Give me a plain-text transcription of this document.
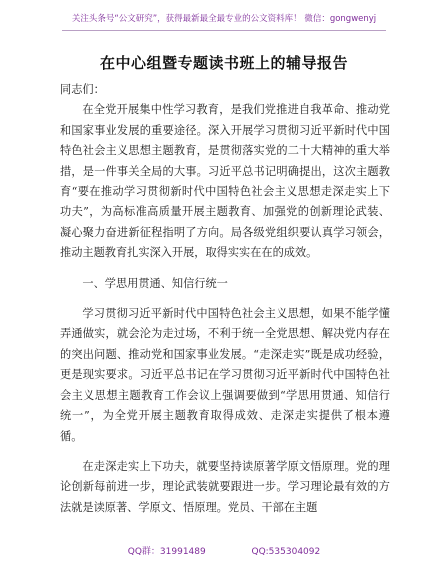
关注头条号“公文研究”，获得最新最全最专业的公文资料库！ 微信：gongwenyj
在中心组暨专题读书班上的辅导报告

同志们：

在全党开展集中性学习教育，是我们党推进自我革命、推动党和国家事业发展的重要途径。深入开展学习贯彻习近平新时代中国特色社会主义思想主题教育，是贯彻落实党的二十大精神的重大举措，是一件事关全局的大事。习近平总书记明确提出，这次主题教育“要在推动学习贯彻新时代中国特色社会主义思想走深走实上下功夫”，为高标准高质量开展主题教育、加强党的创新理论武装、凝心聚力奋进新征程指明了方向。局各级党组织要认真学习领会，推动主题教育扎实深入开展，取得实实在在的成效。

一、学思用贯通、知信行统一

学习贯彻习近平新时代中国特色社会主义思想，如果不能学懂弄通做实，就会沦为走过场，不利于统一全党思想、解决党内存在的突出问题、推动党和国家事业发展。“走深走实”既是成功经验，更是现实要求。习近平总书记在学习贯彻习近平新时代中国特色社会主义思想主题教育工作会议上强调要做到“学思用贯通、知信行统一”，为全党开展主题教育取得成效、走深走实提供了根本遵循。

在走深走实上下功夫，就要坚持读原著学原文悟原理。党的理论创新每前进一步，理论武装就要跟进一步。学习理论最有效的方法就是读原著、学原文、悟原理。党员、干部在主题

QQ群：31991489	QQ:535304092
